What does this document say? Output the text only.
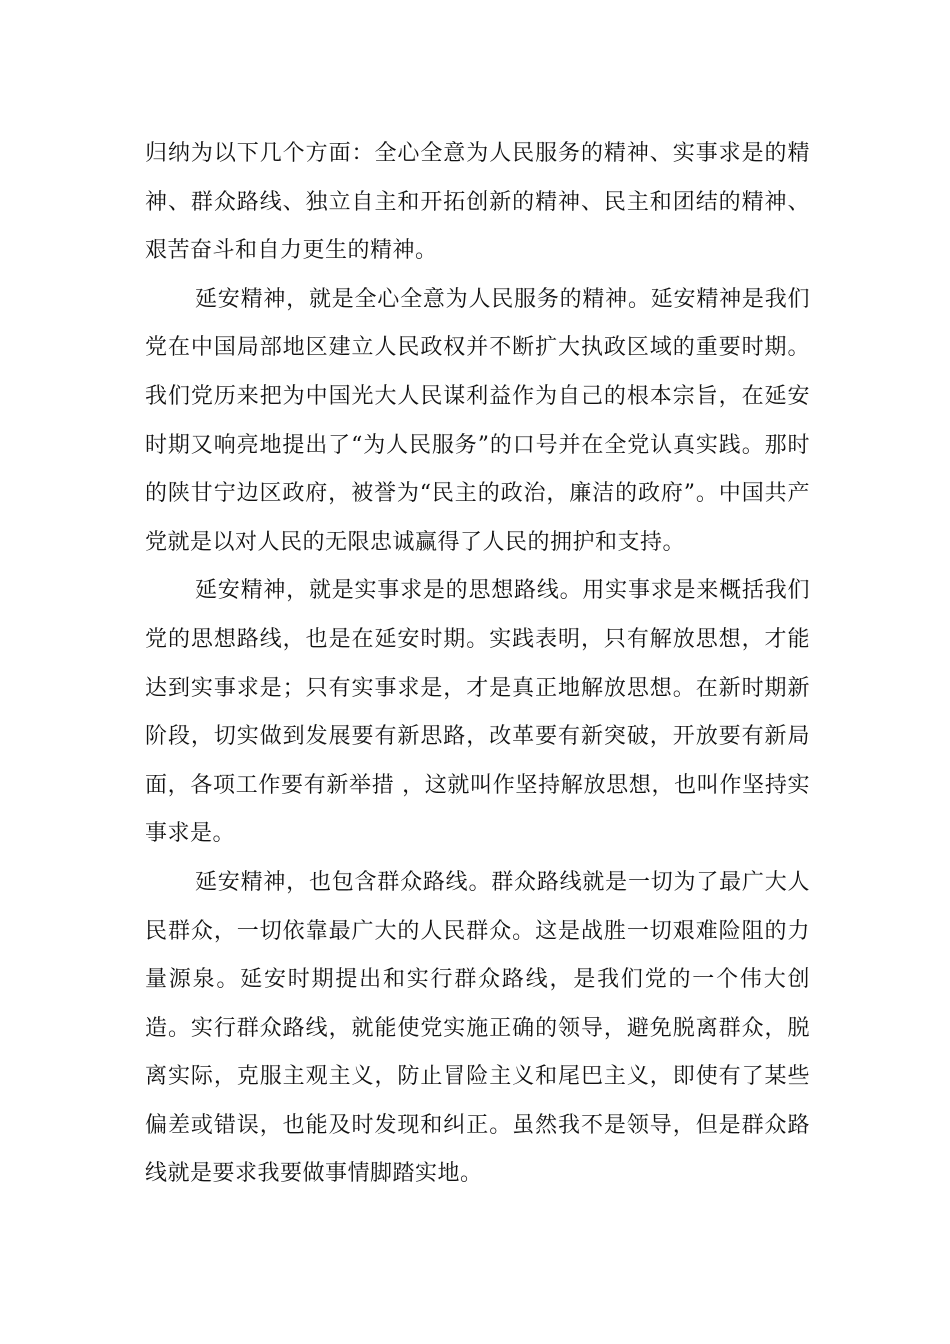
归纳为以下几个方面：全心全意为人民服务的精神、实事求是的精神、群众路线、独立自主和开拓创新的精神、民主和团结的精神、艰苦奋斗和自力更生的精神。

延安精神，就是全心全意为人民服务的精神。延安精神是我们党在中国局部地区建立人民政权并不断扩大执政区域的重要时期。我们党历来把为中国光大人民谋利益作为自己的根本宗旨，在延安时期又响亮地提出了“为人民服务”的口号并在全党认真实践。那时的陕甘宁边区政府，被誉为“民主的政治，廉洁的政府”。中国共产党就是以对人民的无限忠诚赢得了人民的拥护和支持。

延安精神，就是实事求是的思想路线。用实事求是来概括我们党的思想路线，也是在延安时期。实践表明，只有解放思想，才能达到实事求是；只有实事求是，才是真正地解放思想。在新时期新阶段，切实做到发展要有新思路，改革要有新突破，开放要有新局面，各项工作要有新举措 ，这就叫作坚持解放思想，也叫作坚持实事求是。

延安精神，也包含群众路线。群众路线就是一切为了最广大人民群众，一切依靠最广大的人民群众。这是战胜一切艰难险阻的力量源泉。延安时期提出和实行群众路线，是我们党的一个伟大创造。实行群众路线，就能使党实施正确的领导，避免脱离群众，脱离实际，克服主观主义，防止冒险主义和尾巴主义，即使有了某些偏差或错误，也能及时发现和纠正。虽然我不是领导，但是群众路线就是要求我要做事情脚踏实地。
